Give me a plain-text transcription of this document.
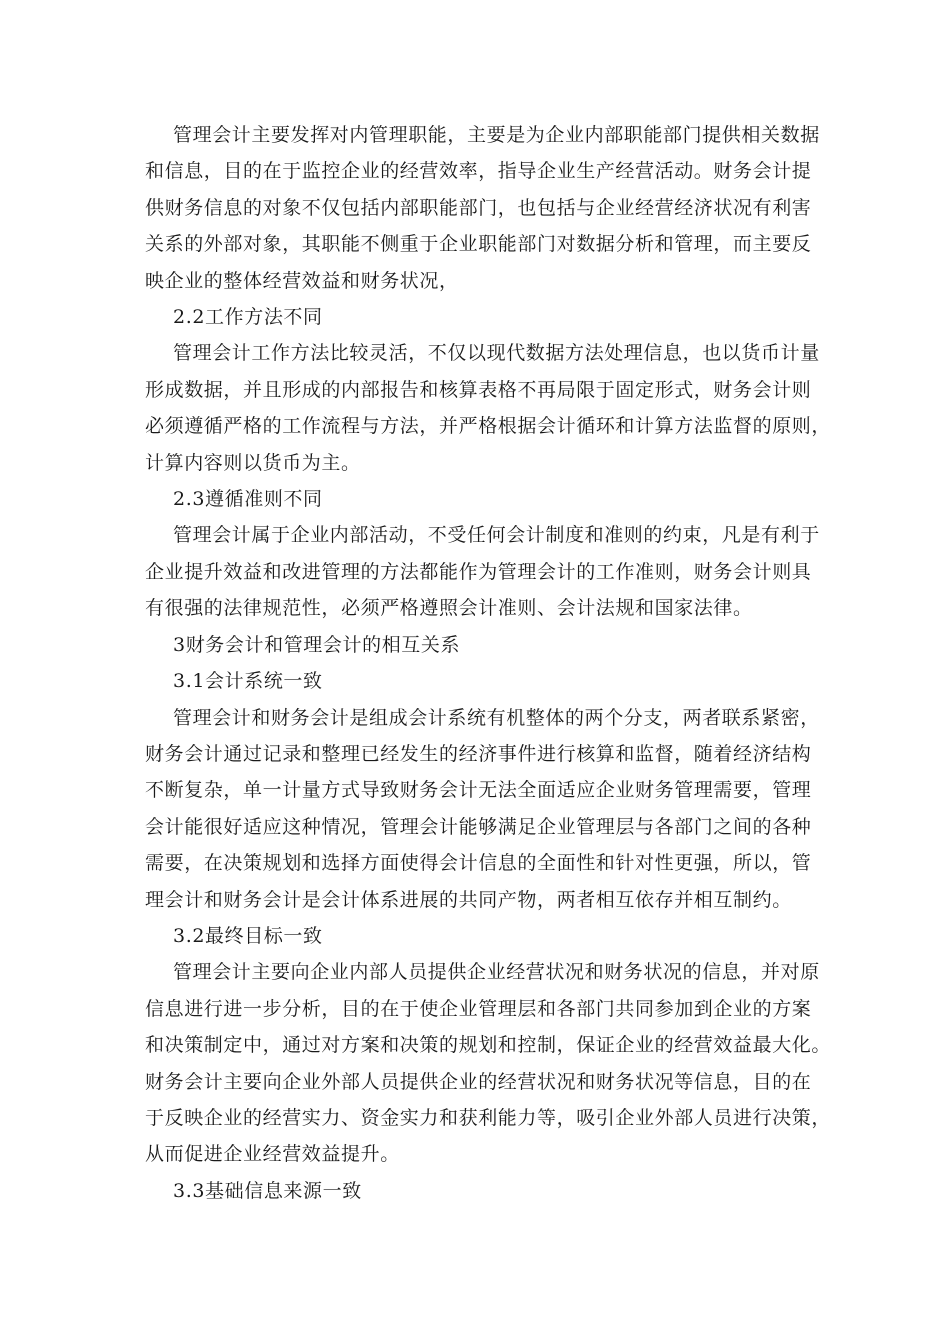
管理会计主要发挥对内管理职能，主要是为企业内部职能部门提供相关数据
和信息，目的在于监控企业的经营效率，指导企业生产经营活动。财务会计提
供财务信息的对象不仅包括内部职能部门，也包括与企业经营经济状况有利害
关系的外部对象，其职能不侧重于企业职能部门对数据分析和管理，而主要反
映企业的整体经营效益和财务状况，
2.2工作方法不同
管理会计工作方法比较灵活，不仅以现代数据方法处理信息，也以货币计量
形成数据，并且形成的内部报告和核算表格不再局限于固定形式，财务会计则
必须遵循严格的工作流程与方法，并严格根据会计循环和计算方法监督的原则，
计算内容则以货币为主。
2.3遵循准则不同
管理会计属于企业内部活动，不受任何会计制度和准则的约束，凡是有利于
企业提升效益和改进管理的方法都能作为管理会计的工作准则，财务会计则具
有很强的法律规范性，必须严格遵照会计准则、会计法规和国家法律。
3财务会计和管理会计的相互关系
3.1会计系统一致
管理会计和财务会计是组成会计系统有机整体的两个分支，两者联系紧密，
财务会计通过记录和整理已经发生的经济事件进行核算和监督，随着经济结构
不断复杂，单一计量方式导致财务会计无法全面适应企业财务管理需要，管理
会计能很好适应这种情况，管理会计能够满足企业管理层与各部门之间的各种
需要，在决策规划和选择方面使得会计信息的全面性和针对性更强，所以，管
理会计和财务会计是会计体系进展的共同产物，两者相互依存并相互制约。
3.2最终目标一致
管理会计主要向企业内部人员提供企业经营状况和财务状况的信息，并对原
信息进行进一步分析，目的在于使企业管理层和各部门共同参加到企业的方案
和决策制定中，通过对方案和决策的规划和控制，保证企业的经营效益最大化。
财务会计主要向企业外部人员提供企业的经营状况和财务状况等信息，目的在
于反映企业的经营实力、资金实力和获利能力等，吸引企业外部人员进行决策，
从而促进企业经营效益提升。
3.3基础信息来源一致
